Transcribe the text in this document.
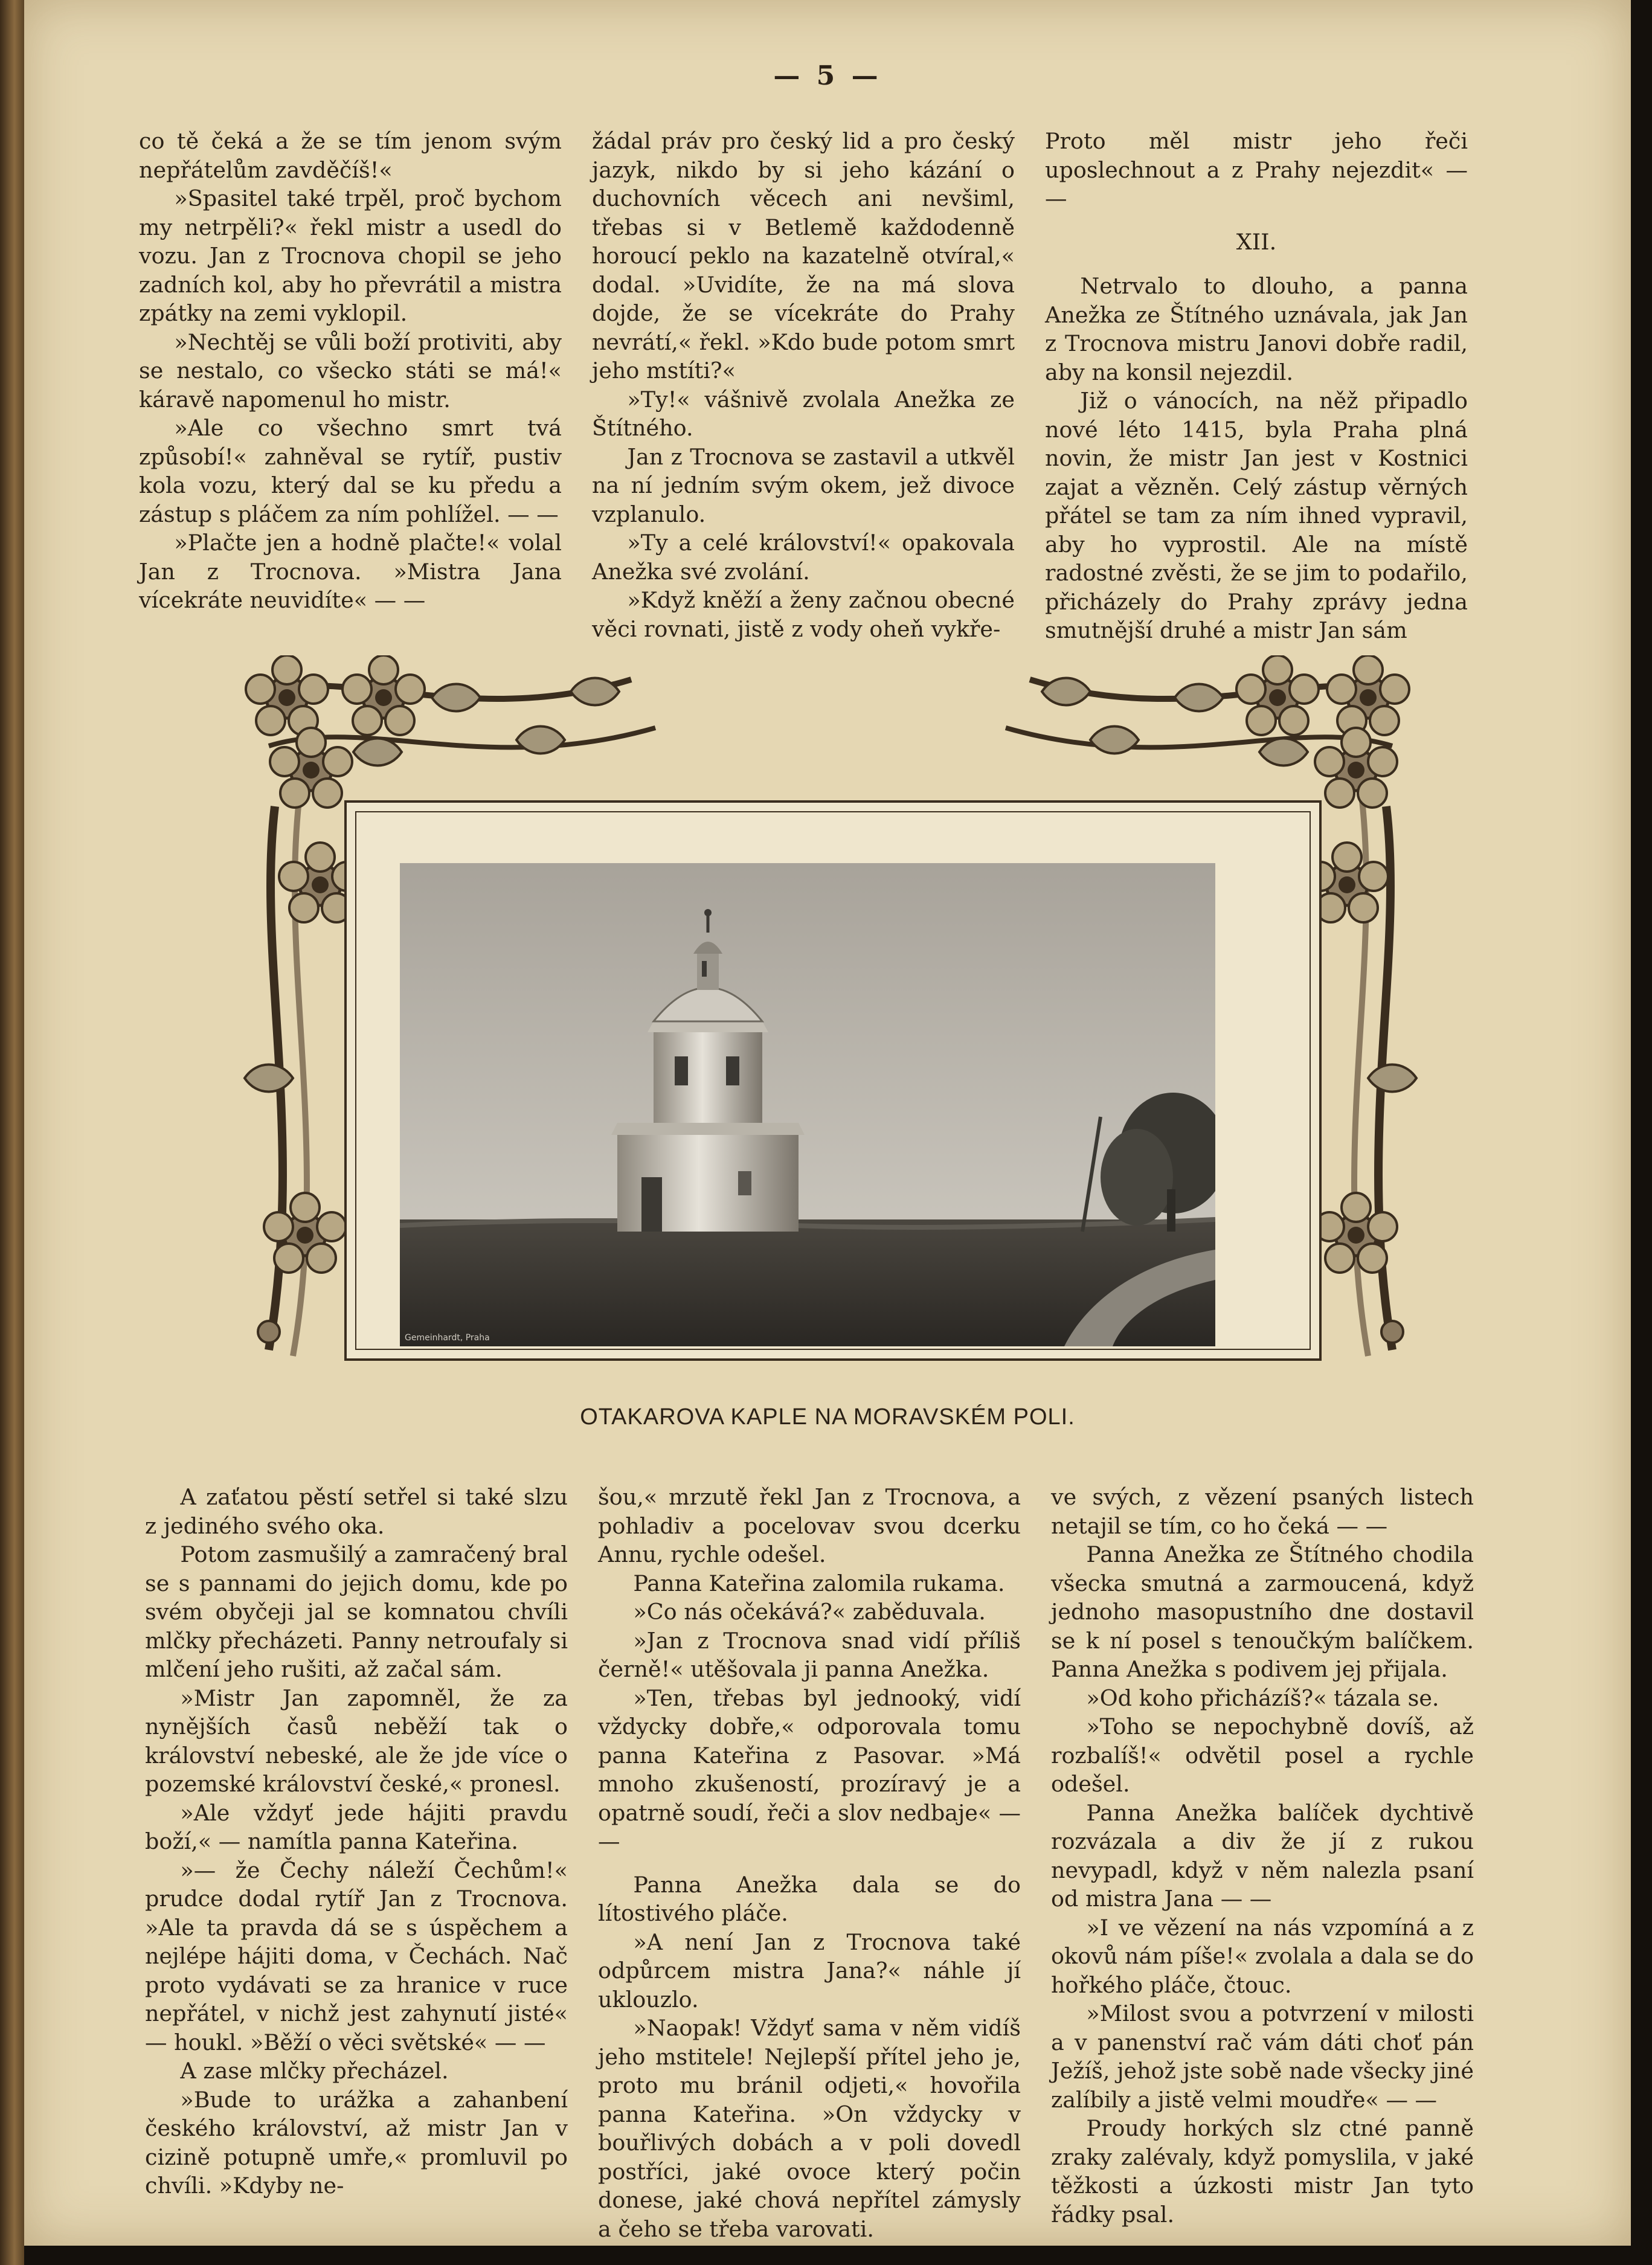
— 5 —

co tě čeká a že se tím jenom svým nepřátelům zavděčíš!«

»Spasitel také trpěl, proč bychom my netrpěli?« řekl mistr a usedl do vozu. Jan z Trocnova chopil se jeho zadních kol, aby ho převrátil a mistra zpátky na zemi vyklopil.

»Nechtěj se vůli boží protiviti, aby se nestalo, co všecko státi se má!« káravě napomenul ho mistr.

»Ale co všechno smrt tvá způsobí!« zahněval se rytíř, pustiv kola vozu, který dal se ku předu a zástup s pláčem za ním pohlížel. — —

»Plačte jen a hodně plačte!« volal Jan z Trocnova. »Mistra Jana vícekráte neuvidíte« — —

žádal práv pro český lid a pro český jazyk, nikdo by si jeho kázání o duchovních věcech ani nevšiml, třebas si v Betlemě každodenně horoucí peklo na kazatelně otvíral,« dodal. »Uvidíte, že na má slova dojde, že se vícekráte do Prahy nevrátí,« řekl. »Kdo bude potom smrt jeho mstíti?«

»Ty!« vášnivě zvolala Anežka ze Štítného.

Jan z Trocnova se zastavil a utkvěl na ní jedním svým okem, jež divoce vzplanulo.

»Ty a celé království!« opakovala Anežka své zvolání.

»Když kněží a ženy začnou obecné věci rovnati, jistě z vody oheň vykře-

Proto měl mistr jeho řeči uposlechnout a z Prahy nejezdit« — —

XII.

Netrvalo to dlouho, a panna Anežka ze Štítného uznávala, jak Jan z Trocnova mistru Janovi dobře radil, aby na konsil nejezdil.

Již o vánocích, na něž připadlo nové léto 1415, byla Praha plná novin, že mistr Jan jest v Kostnici zajat a vězněn. Celý zástup věrných přátel se tam za ním ihned vypravil, aby ho vyprostil. Ale na místě radostné zvěsti, že se jim to podařilo, přicházely do Prahy zprávy jedna smutnější druhé a mistr Jan sám

Gemeinhardt, Praha
OTAKAROVA KAPLE NA MORAVSKÉM POLI.

A zaťatou pěstí setřel si také slzu z jediného svého oka.

Potom zasmušilý a zamračený bral se s pannami do jejich domu, kde po svém obyčeji jal se komnatou chvíli mlčky přecházeti. Panny netroufaly si mlčení jeho rušiti, až začal sám.

»Mistr Jan zapomněl, že za nynějších časů neběží tak o království nebeské, ale že jde více o pozemské království české,« pronesl.

»Ale vždyť jede hájiti pravdu boží,« — namítla panna Kateřina.

»— že Čechy náleží Čechům!« prudce dodal rytíř Jan z Trocnova. »Ale ta pravda dá se s úspěchem a nejlépe hájiti doma, v Čechách. Nač proto vydávati se za hranice v ruce nepřátel, v nichž jest zahynutí jisté« — houkl. »Běží o věci světské« — —

A zase mlčky přecházel.

»Bude to urážka a zahanbení českého království, až mistr Jan v cizině potupně umře,« promluvil po chvíli. »Kdyby ne-

šou,« mrzutě řekl Jan z Trocnova, a pohladiv a pocelovav svou dcerku Annu, rychle odešel.

Panna Kateřina zalomila rukama.

»Co nás očekává?« zaběduvala.

»Jan z Trocnova snad vidí příliš černě!« utěšovala ji panna Anežka.

»Ten, třebas byl jednooký, vidí vždycky dobře,« odporovala tomu panna Kateřina z Pasovar. »Má mnoho zkušeností, prozíravý je a opatrně soudí, řeči a slov nedbaje« — —

Panna Anežka dala se do lítostivého pláče.

»A není Jan z Trocnova také odpůrcem mistra Jana?« náhle jí uklouzlo.

»Naopak! Vždyť sama v něm vidíš jeho mstitele! Nejlepší přítel jeho je, proto mu bránil odjeti,« hovořila panna Kateřina. »On vždycky v bouřlivých dobách a v poli dovedl postříci, jaké ovoce který počin donese, jaké chová nepřítel zámysly a čeho se třeba varovati.

ve svých, z vězení psaných listech netajil se tím, co ho čeká — —

Panna Anežka ze Štítného chodila všecka smutná a zarmoucená, když jednoho masopustního dne dostavil se k ní posel s tenoučkým balíčkem. Panna Anežka s podivem jej přijala.

»Od koho přicházíš?« tázala se.

»Toho se nepochybně dovíš, až rozbalíš!« odvětil posel a rychle odešel.

Panna Anežka balíček dychtivě rozvázala a div že jí z rukou nevypadl, když v něm nalezla psaní od mistra Jana — —

»I ve vězení na nás vzpomíná a z okovů nám píše!« zvolala a dala se do hořkého pláče, čtouc.

»Milost svou a potvrzení v milosti a v panenství rač vám dáti choť pán Ježíš, jehož jste sobě nade všecky jiné zalíbily a jistě velmi moudře« — —

Proudy horkých slz ctné panně zraky zalévaly, když pomyslila, v jaké těžkosti a úzkosti mistr Jan tyto řádky psal.
